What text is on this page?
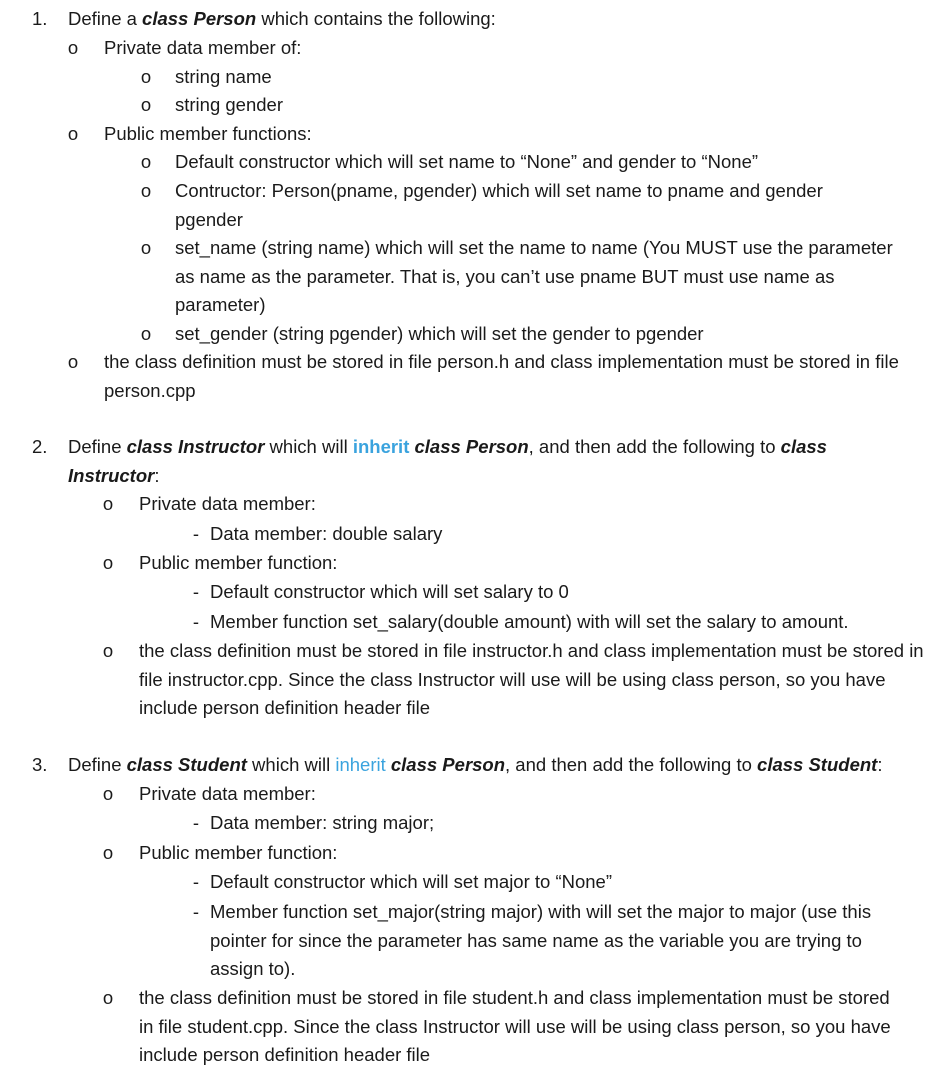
1.	Define a class Person which contains the following:
o Private data member of:
o string name
o string gender
o Public member functions:
o Default constructor which will set name to “None” and gender to “None”
o Contructor: Person(pname, pgender) which will set name to pname and gender pgender
o set_name (string name) which will set the name to name (You MUST use the parameter as name as the parameter. That is, you can’t use pname BUT must use name as parameter)
o set_gender (string pgender) which will set the gender to pgender
o the class definition must be stored in file person.h and class implementation must be stored in file person.cpp
2.	Define class Instructor which will inherit class Person, and then add the following to class Instructor:
o Private data member:
- Data member: double salary
o Public member function:
- Default constructor which will set salary to 0
- Member function set_salary(double amount) with will set the salary to amount.
o the class definition must be stored in file instructor.h and class implementation must be stored in file instructor.cpp. Since the class Instructor will use will be using class person, so you have include person definition header file
3.	Define class Student which will inherit class Person, and then add the following to class Student:
o Private data member:
- Data member: string major;
o Public member function:
- Default constructor which will set major to “None”
- Member function set_major(string major) with will set the major to major (use this pointer for since the parameter has same name as the variable you are trying to assign to).
o the class definition must be stored in file student.h and class implementation must be stored in file student.cpp. Since the class Instructor will use will be using class person, so you have include person definition header file
